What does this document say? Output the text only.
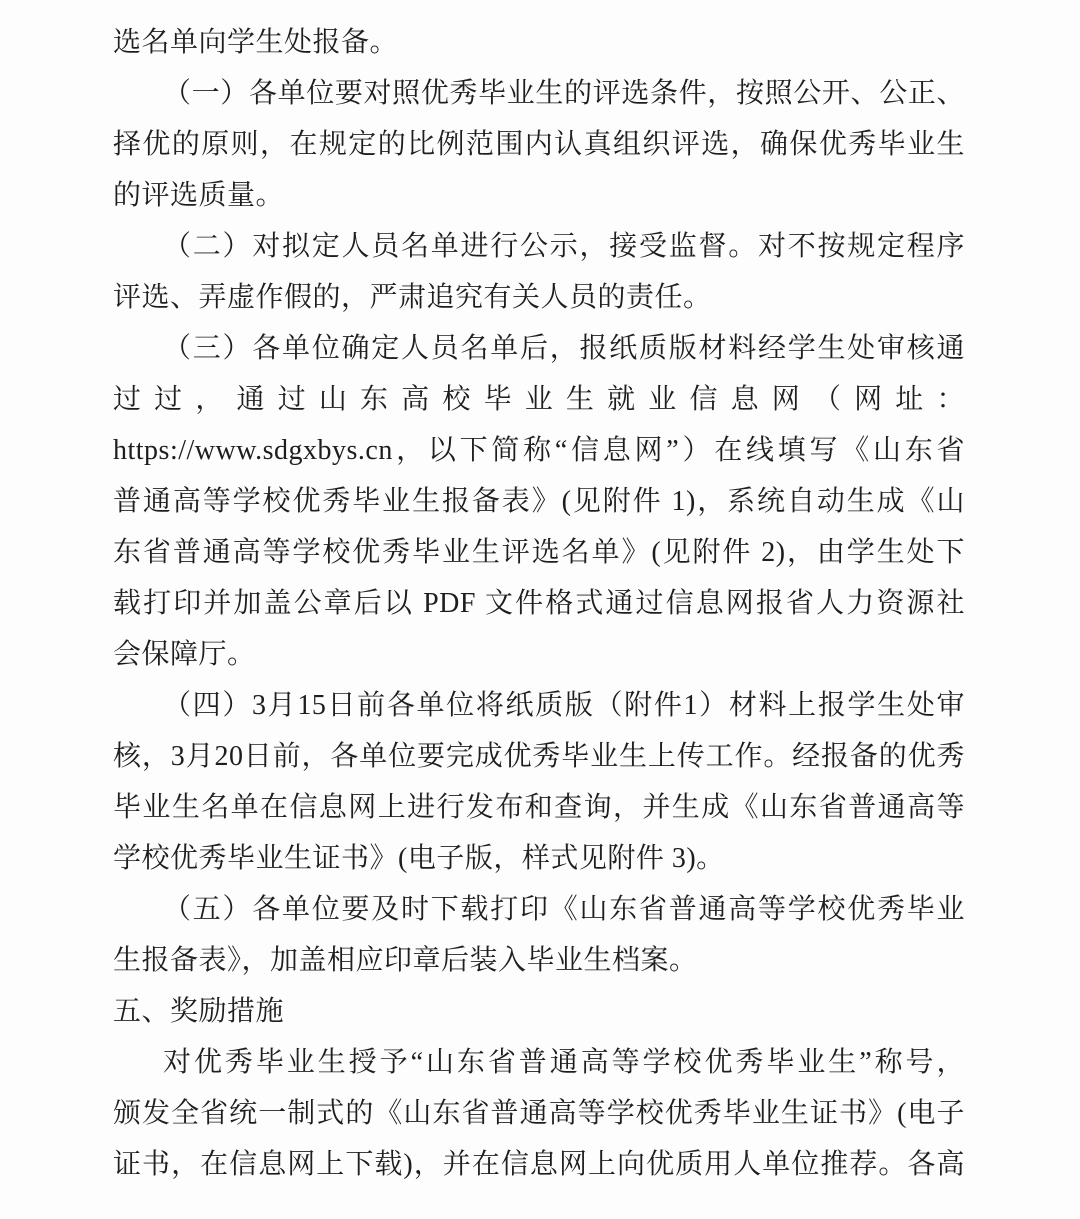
选名单向学生处报备。
（一）各单位要对照优秀毕业生的评选条件，按照公开、公正、
择优的原则，在规定的比例范围内认真组织评选，确保优秀毕业生
的评选质量。
（二）对拟定人员名单进行公示，接受监督。对不按规定程序
评选、弄虚作假的，严肃追究有关人员的责任。
（三）各单位确定人员名单后，报纸质版材料经学生处审核通
过过，通过山东高校毕业生就业信息网（网址：
https://www.sdgxbys.cn，以下简称“信息网”）在线填写《山东省
普通高等学校优秀毕业生报备表》(见附件 1)，系统自动生成《山
东省普通高等学校优秀毕业生评选名单》(见附件 2)，由学生处下
载打印并加盖公章后以 PDF 文件格式通过信息网报省人力资源社
会保障厅。
（四）3月15日前各单位将纸质版（附件1）材料上报学生处审
核，3月20日前，各单位要完成优秀毕业生上传工作。经报备的优秀
毕业生名单在信息网上进行发布和查询，并生成《山东省普通高等
学校优秀毕业生证书》(电子版，样式见附件 3)。
（五）各单位要及时下载打印《山东省普通高等学校优秀毕业
生报备表》，加盖相应印章后装入毕业生档案。
五、奖励措施
对优秀毕业生授予“山东省普通高等学校优秀毕业生”称号，
颁发全省统一制式的《山东省普通高等学校优秀毕业生证书》(电子
证书，在信息网上下载)，并在信息网上向优质用人单位推荐。各高
